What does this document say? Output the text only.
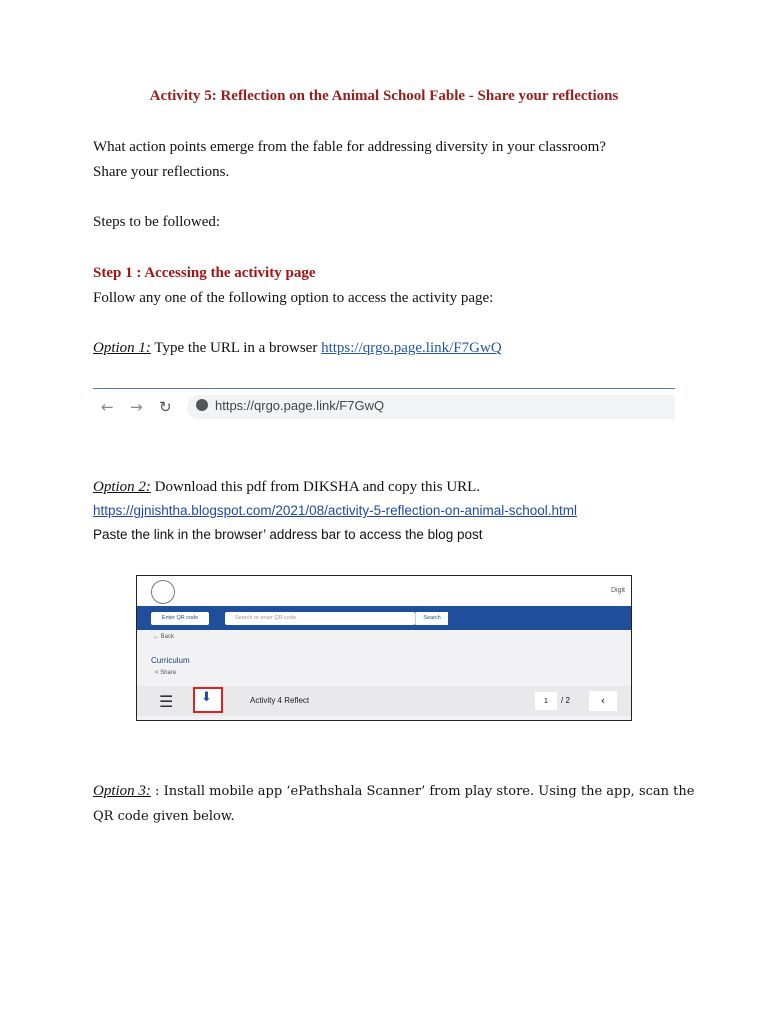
Activity 5: Reflection on the Animal School Fable - Share your reflections
What action points emerge from the fable for addressing diversity in your classroom?
Share your reflections.
Steps to be followed:
Step 1 : Accessing the activity page
Follow any one of the following option to access the activity page:
Option 1: Type the URL in a browser https://qrgo.page.link/F7GwQ
← → ↻	https://qrgo.page.link/F7GwQ
Option 2: Download this pdf from DIKSHA and copy this URL.
https://gjnishtha.blogspot.com/2021/08/activity-5-reflection-on-animal-school.html
Paste the link in the browser’ address bar to access the blog post
Digit
Enter QR code	Search or enter QR code	Search
← Back
Curriculum
< Share
☰ ⬇	Activity 4 Reflect	1	/ 2	‹
Option 3: : Install mobile app ‘ePathshala Scanner’ from play store. Using the app, scan the
QR code given below.
